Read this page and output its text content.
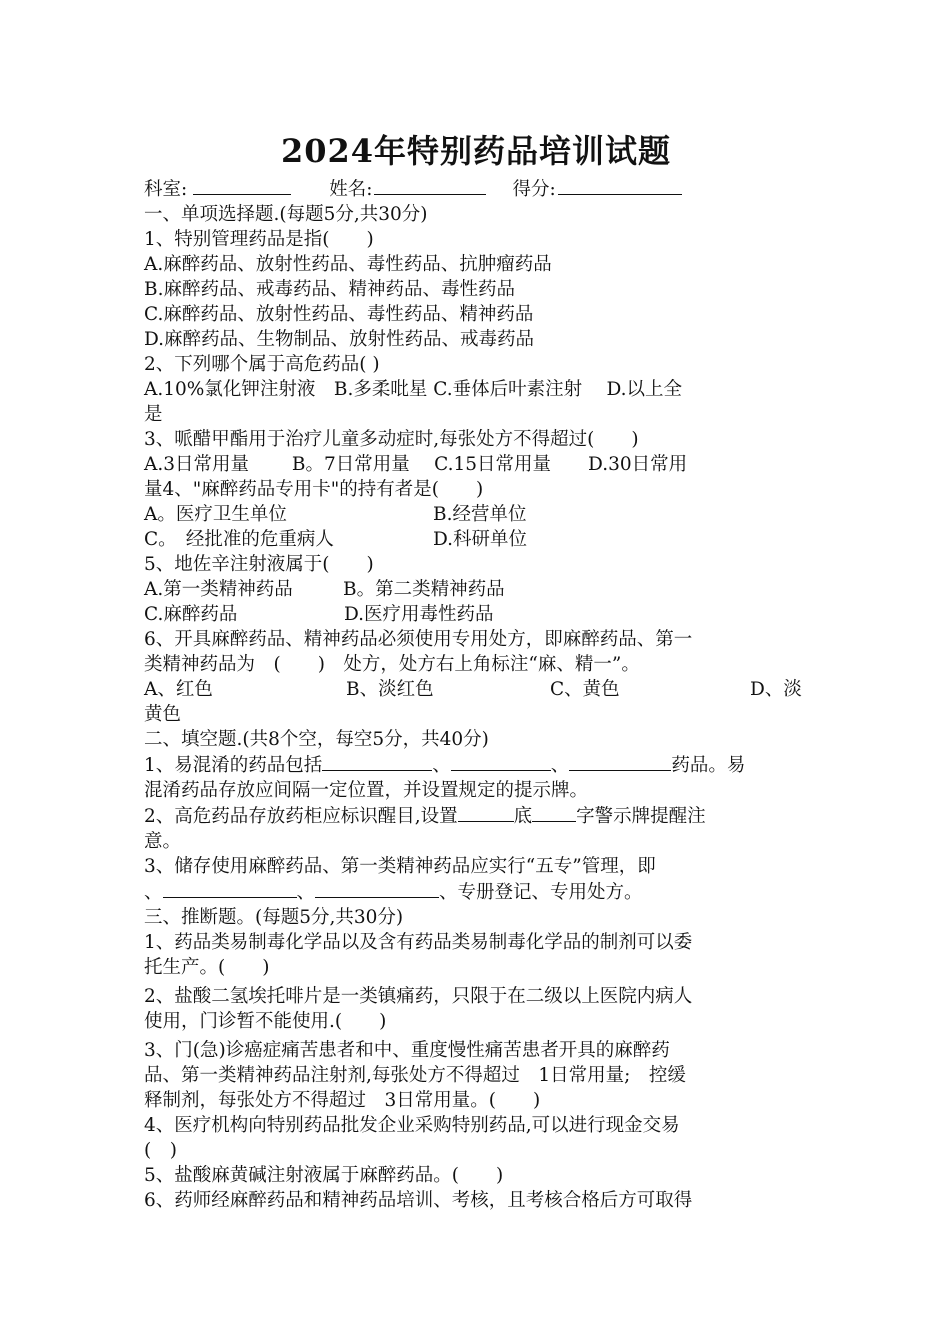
2024年特别药品培训试题
科室:	姓名:	得分:
一、单项选择题.(每题5分,共30分)
1、特别管理药品是指(　　)
A.麻醉药品、放射性药品、毒性药品、抗肿瘤药品
B.麻醉药品、戒毒药品、精神药品、毒性药品
C.麻醉药品、放射性药品、毒性药品、精神药品
D.麻醉药品、生物制品、放射性药品、戒毒药品
2、下列哪个属于高危药品( )
A.10%氯化钾注射液　B.多柔吡星 C.垂体后叶素注射　 D.以上全
是
3、哌醋甲酯用于治疗儿童多动症时,每张处方不得超过(　　)
A.3日常用量　　 B。7日常用量　 C.15日常用量　　D.30日常用
量4、"麻醉药品专用卡"的持有者是(　　)
A。医疗卫生单位	B.经营单位
C。　经批准的危重病人	D.科研单位
5、地佐辛注射液属于(　　)
A.第一类精神药品	B。第二类精神药品
C.麻醉药品	D.医疗用毒性药品
6、开具麻醉药品、精神药品必须使用专用处方，即麻醉药品、第一
类精神药品为　(　　)　处方，处方右上角标注“麻、精一”。
A、红色	B、淡红色	C、黄色	D、淡
黄色
二、填空题.(共8个空，每空5分，共40分)
1、易混淆的药品包括	、	、	药品。易
混淆药品存放应间隔一定位置，并设置规定的提示牌。
2、高危药品存放药柜应标识醒目,设置	底 字警示牌提醒注
意。
3、储存使用麻醉药品、第一类精神药品应实行“五专”管理，即
、	、	、专册登记、专用处方。
三、推断题。(每题5分,共30分)
1、药品类易制毒化学品以及含有药品类易制毒化学品的制剂可以委
托生产。(　　)
2、盐酸二氢埃托啡片是一类镇痛药，只限于在二级以上医院内病人
使用，门诊暂不能使用.(　　)
3、门(急)诊癌症痛苦患者和中、重度慢性痛苦患者开具的麻醉药
品、第一类精神药品注射剂,每张处方不得超过　1日常用量;　控缓
释制剂，每张处方不得超过　3日常用量。(　　)
4、医疗机构向特别药品批发企业采购特别药品,可以进行现金交易
(　)
5、盐酸麻黄碱注射液属于麻醉药品。(　　)
6、药师经麻醉药品和精神药品培训、考核，且考核合格后方可取得
